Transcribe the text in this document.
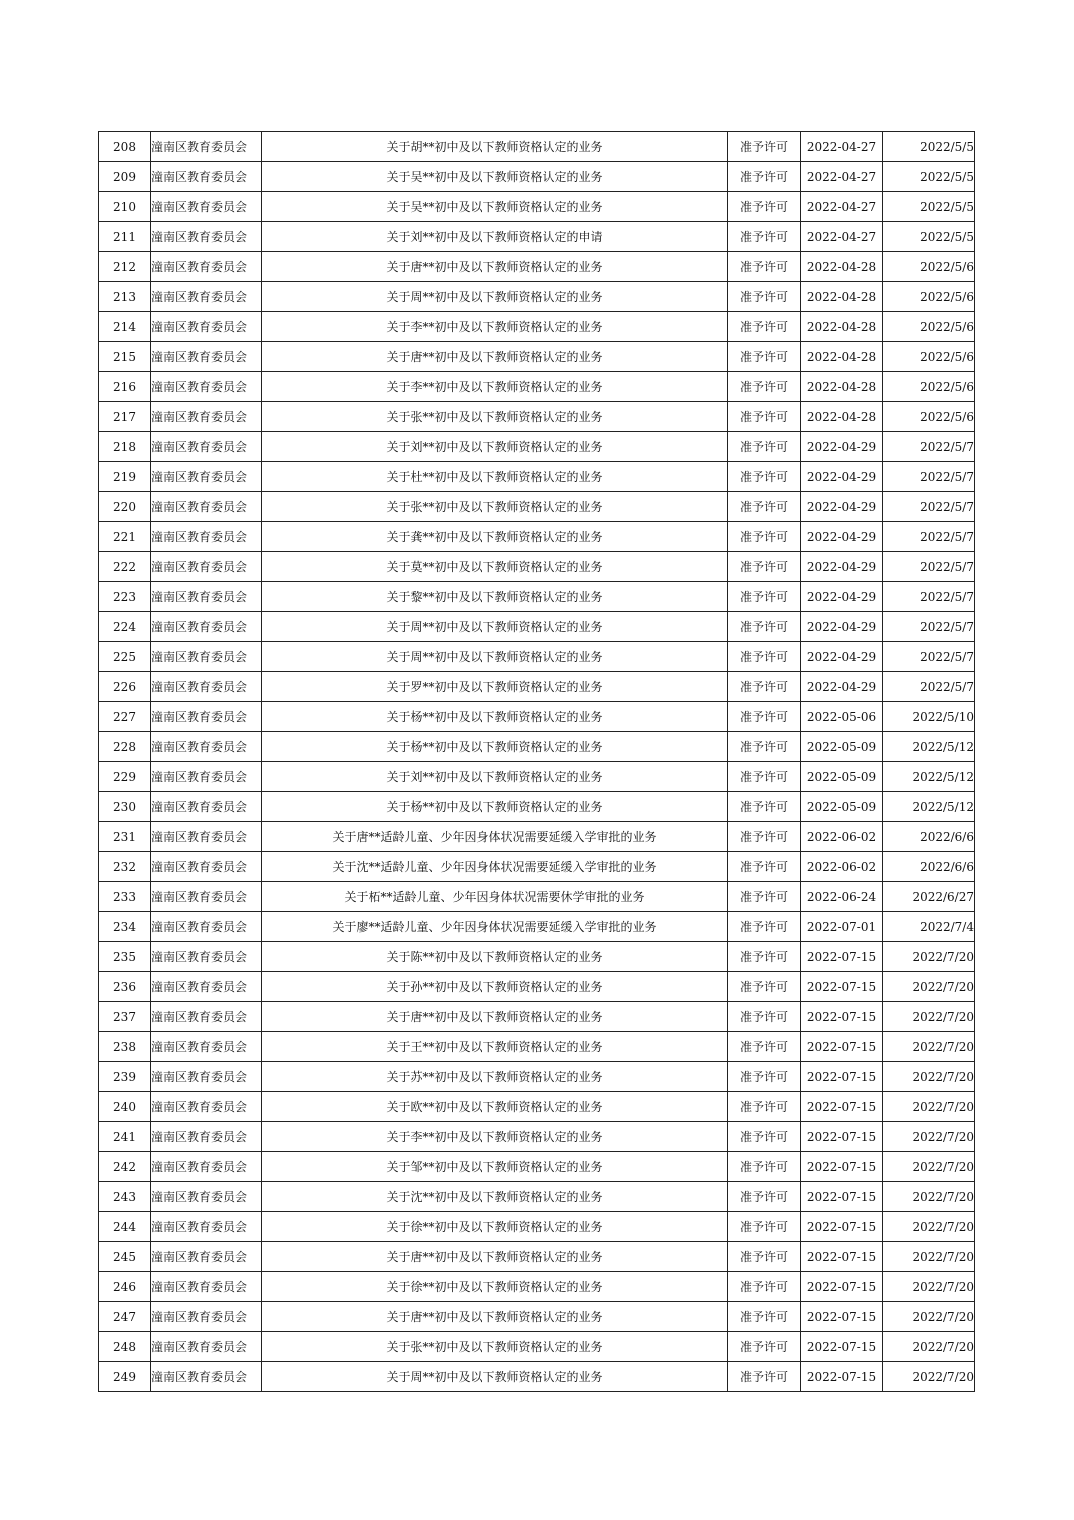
208	潼南区教育委员会	关于胡**初中及以下教师资格认定的业务	准予许可	2022-04-27	2022/5/5
209	潼南区教育委员会	关于吴**初中及以下教师资格认定的业务	准予许可	2022-04-27	2022/5/5
210	潼南区教育委员会	关于吴**初中及以下教师资格认定的业务	准予许可	2022-04-27	2022/5/5
211	潼南区教育委员会	关于刘**初中及以下教师资格认定的申请	准予许可	2022-04-27	2022/5/5
212	潼南区教育委员会	关于唐**初中及以下教师资格认定的业务	准予许可	2022-04-28	2022/5/6
213	潼南区教育委员会	关于周**初中及以下教师资格认定的业务	准予许可	2022-04-28	2022/5/6
214	潼南区教育委员会	关于李**初中及以下教师资格认定的业务	准予许可	2022-04-28	2022/5/6
215	潼南区教育委员会	关于唐**初中及以下教师资格认定的业务	准予许可	2022-04-28	2022/5/6
216	潼南区教育委员会	关于李**初中及以下教师资格认定的业务	准予许可	2022-04-28	2022/5/6
217	潼南区教育委员会	关于张**初中及以下教师资格认定的业务	准予许可	2022-04-28	2022/5/6
218	潼南区教育委员会	关于刘**初中及以下教师资格认定的业务	准予许可	2022-04-29	2022/5/7
219	潼南区教育委员会	关于杜**初中及以下教师资格认定的业务	准予许可	2022-04-29	2022/5/7
220	潼南区教育委员会	关于张**初中及以下教师资格认定的业务	准予许可	2022-04-29	2022/5/7
221	潼南区教育委员会	关于龚**初中及以下教师资格认定的业务	准予许可	2022-04-29	2022/5/7
222	潼南区教育委员会	关于莫**初中及以下教师资格认定的业务	准予许可	2022-04-29	2022/5/7
223	潼南区教育委员会	关于黎**初中及以下教师资格认定的业务	准予许可	2022-04-29	2022/5/7
224	潼南区教育委员会	关于周**初中及以下教师资格认定的业务	准予许可	2022-04-29	2022/5/7
225	潼南区教育委员会	关于周**初中及以下教师资格认定的业务	准予许可	2022-04-29	2022/5/7
226	潼南区教育委员会	关于罗**初中及以下教师资格认定的业务	准予许可	2022-04-29	2022/5/7
227	潼南区教育委员会	关于杨**初中及以下教师资格认定的业务	准予许可	2022-05-06	2022/5/10
228	潼南区教育委员会	关于杨**初中及以下教师资格认定的业务	准予许可	2022-05-09	2022/5/12
229	潼南区教育委员会	关于刘**初中及以下教师资格认定的业务	准予许可	2022-05-09	2022/5/12
230	潼南区教育委员会	关于杨**初中及以下教师资格认定的业务	准予许可	2022-05-09	2022/5/12
231	潼南区教育委员会	关于唐**适龄儿童、少年因身体状况需要延缓入学审批的业务	准予许可	2022-06-02	2022/6/6
232	潼南区教育委员会	关于沈**适龄儿童、少年因身体状况需要延缓入学审批的业务	准予许可	2022-06-02	2022/6/6
233	潼南区教育委员会	关于柘**适龄儿童、少年因身体状况需要休学审批的业务	准予许可	2022-06-24	2022/6/27
234	潼南区教育委员会	关于廖**适龄儿童、少年因身体状况需要延缓入学审批的业务	准予许可	2022-07-01	2022/7/4
235	潼南区教育委员会	关于陈**初中及以下教师资格认定的业务	准予许可	2022-07-15	2022/7/20
236	潼南区教育委员会	关于孙**初中及以下教师资格认定的业务	准予许可	2022-07-15	2022/7/20
237	潼南区教育委员会	关于唐**初中及以下教师资格认定的业务	准予许可	2022-07-15	2022/7/20
238	潼南区教育委员会	关于王**初中及以下教师资格认定的业务	准予许可	2022-07-15	2022/7/20
239	潼南区教育委员会	关于苏**初中及以下教师资格认定的业务	准予许可	2022-07-15	2022/7/20
240	潼南区教育委员会	关于欧**初中及以下教师资格认定的业务	准予许可	2022-07-15	2022/7/20
241	潼南区教育委员会	关于李**初中及以下教师资格认定的业务	准予许可	2022-07-15	2022/7/20
242	潼南区教育委员会	关于邹**初中及以下教师资格认定的业务	准予许可	2022-07-15	2022/7/20
243	潼南区教育委员会	关于沈**初中及以下教师资格认定的业务	准予许可	2022-07-15	2022/7/20
244	潼南区教育委员会	关于徐**初中及以下教师资格认定的业务	准予许可	2022-07-15	2022/7/20
245	潼南区教育委员会	关于唐**初中及以下教师资格认定的业务	准予许可	2022-07-15	2022/7/20
246	潼南区教育委员会	关于徐**初中及以下教师资格认定的业务	准予许可	2022-07-15	2022/7/20
247	潼南区教育委员会	关于唐**初中及以下教师资格认定的业务	准予许可	2022-07-15	2022/7/20
248	潼南区教育委员会	关于张**初中及以下教师资格认定的业务	准予许可	2022-07-15	2022/7/20
249	潼南区教育委员会	关于周**初中及以下教师资格认定的业务	准予许可	2022-07-15	2022/7/20
